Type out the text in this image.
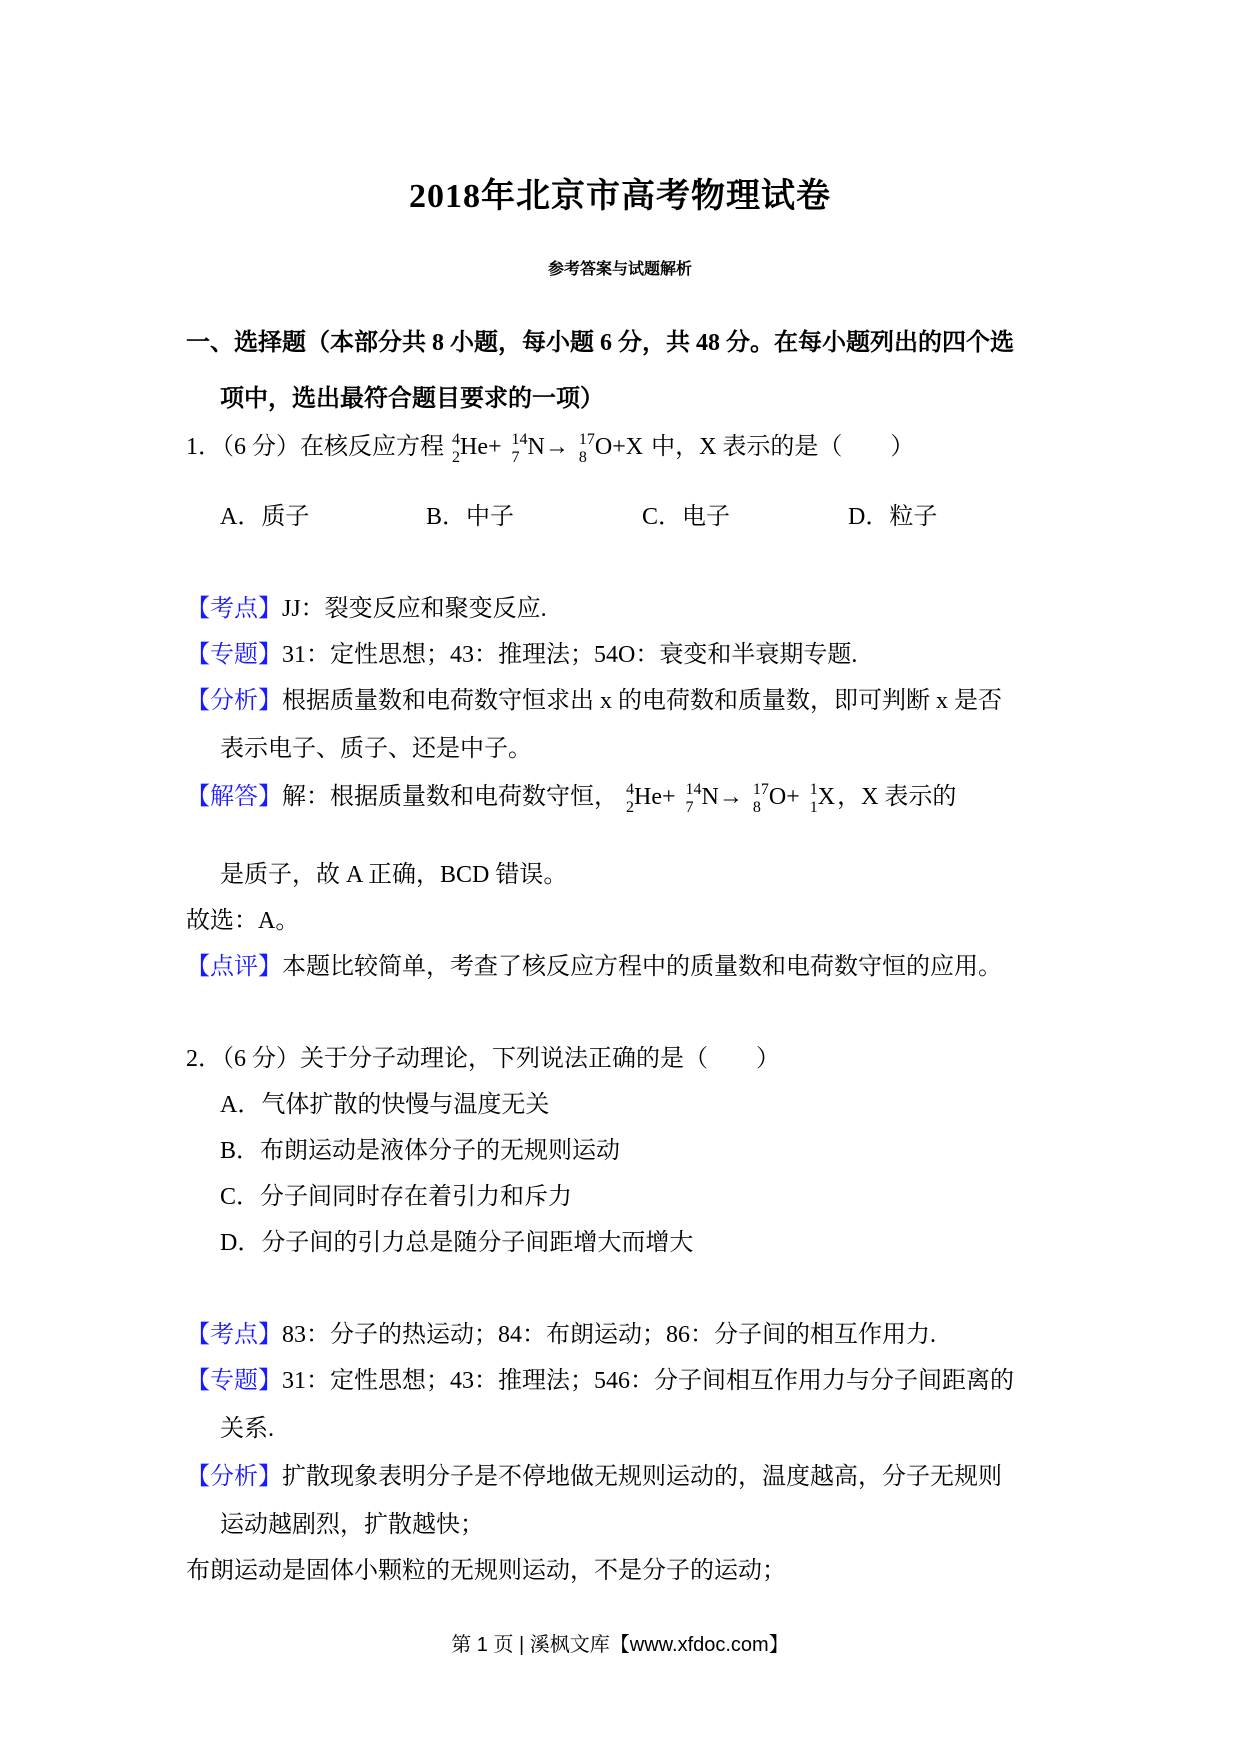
2018年北京市高考物理试卷
参考答案与试题解析
一、选择题（本部分共 8 小题，每小题 6 分，共 48 分。在每小题列出的四个选
项中，选出最符合题目要求的一项）
1．（6 分）在核反应方程 4
2 He+ 14
7 N→ 17
8 O+X 中，X 表示的是（　　）
A．质子	B．中子	C．电子	D．粒子
【考点】JJ：裂变反应和聚变反应.
【专题】31：定性思想；43：推理法；54O：衰变和半衰期专题.
【分析】根据质量数和电荷数守恒求出 x 的电荷数和质量数，即可判断 x 是否
表示电子、质子、还是中子。
【解答】解：根据质量数和电荷数守恒， 4
2 He+ 14
7 N→ 17
8 O+ 1
1 X，X 表示的
是质子，故 A 正确，BCD 错误。
故选：A。
【点评】本题比较简单，考查了核反应方程中的质量数和电荷数守恒的应用。
2．（6 分）关于分子动理论，下列说法正确的是（　　）
A．气体扩散的快慢与温度无关
B．布朗运动是液体分子的无规则运动
C．分子间同时存在着引力和斥力
D．分子间的引力总是随分子间距增大而增大
【考点】83：分子的热运动；84：布朗运动；86：分子间的相互作用力.
【专题】31：定性思想；43：推理法；546：分子间相互作用力与分子间距离的
关系.
【分析】扩散现象表明分子是不停地做无规则运动的，温度越高，分子无规则
运动越剧烈，扩散越快；
布朗运动是固体小颗粒的无规则运动，不是分子的运动；
第 1 页 | 溪枫文库【www.xfdoc.com】
